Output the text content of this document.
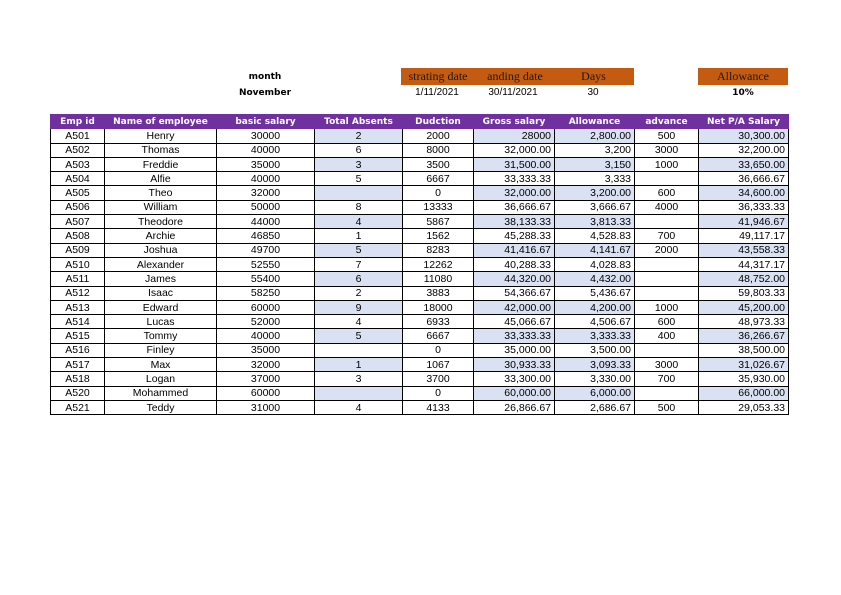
month
November
strating date	anding date	Days
1/11/2021	30/11/2021	30
Allowance
10%
Emp id	Name of employee	basic salary	Total Absents	Dudction	Gross salary	Allowance	advance	Net P/A Salary
A501	Henry	30000	2	2000	28000	2,800.00	500	30,300.00
A502	Thomas	40000	6	8000	32,000.00	3,200	3000	32,200.00
A503	Freddie	35000	3	3500	31,500.00	3,150	1000	33,650.00
A504	Alfie	40000	5	6667	33,333.33	3,333		36,666.67
A505	Theo	32000		0	32,000.00	3,200.00	600	34,600.00
A506	William	50000	8	13333	36,666.67	3,666.67	4000	36,333.33
A507	Theodore	44000	4	5867	38,133.33	3,813.33		41,946.67
A508	Archie	46850	1	1562	45,288.33	4,528.83	700	49,117.17
A509	Joshua	49700	5	8283	41,416.67	4,141.67	2000	43,558.33
A510	Alexander	52550	7	12262	40,288.33	4,028.83		44,317.17
A511	James	55400	6	11080	44,320.00	4,432.00		48,752.00
A512	Isaac	58250	2	3883	54,366.67	5,436.67		59,803.33
A513	Edward	60000	9	18000	42,000.00	4,200.00	1000	45,200.00
A514	Lucas	52000	4	6933	45,066.67	4,506.67	600	48,973.33
A515	Tommy	40000	5	6667	33,333.33	3,333.33	400	36,266.67
A516	Finley	35000		0	35,000.00	3,500.00		38,500.00
A517	Max	32000	1	1067	30,933.33	3,093.33	3000	31,026.67
A518	Logan	37000	3	3700	33,300.00	3,330.00	700	35,930.00
A520	Mohammed	60000		0	60,000.00	6,000.00		66,000.00
A521	Teddy	31000	4	4133	26,866.67	2,686.67	500	29,053.33
